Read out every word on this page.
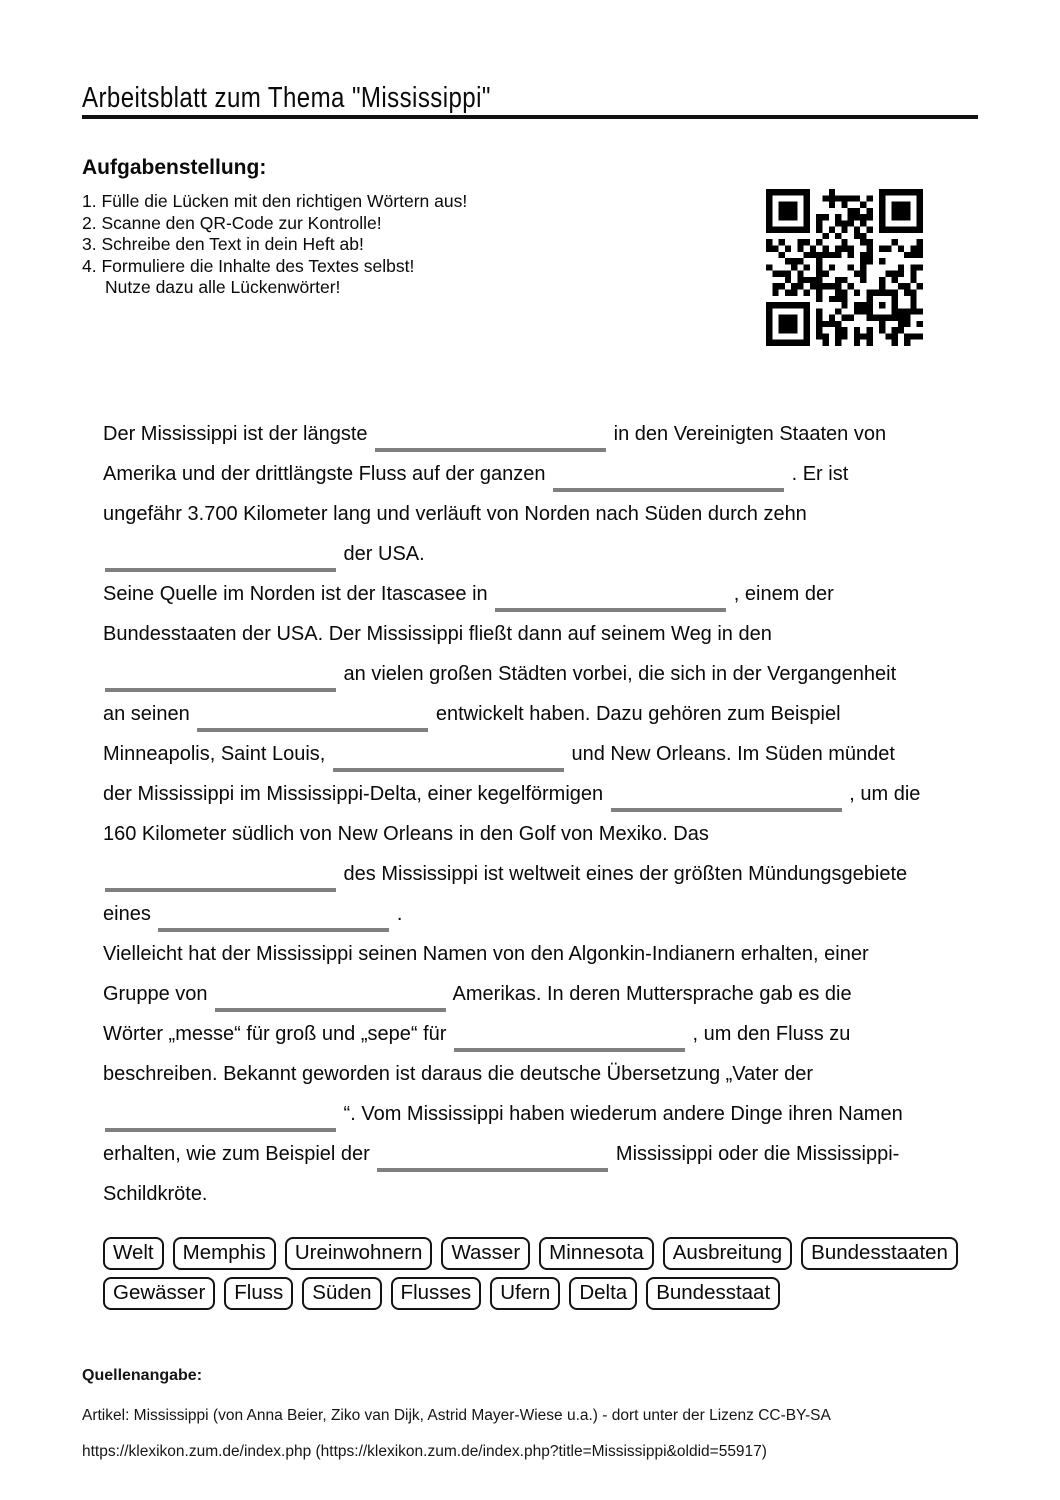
Arbeitsblatt zum Thema "Mississippi"
Aufgabenstellung:
1. Fülle die Lücken mit den richtigen Wörtern aus!
2. Scanne den QR-Code zur Kontrolle!
3. Schreibe den Text in dein Heft ab!
4. Formuliere die Inhalte des Textes selbst!
Nutze dazu alle Lückenwörter!
Der Mississippi ist der längste	in den Vereinigten Staaten von
Amerika und der drittlängste Fluss auf der ganzen	. Er ist
ungefähr 3.700 Kilometer lang und verläuft von Norden nach Süden durch zehn
der USA.
Seine Quelle im Norden ist der Itascasee in	, einem der
Bundesstaaten der USA. Der Mississippi fließt dann auf seinem Weg in den
an vielen großen Städten vorbei, die sich in der Vergangenheit
an seinen	entwickelt haben. Dazu gehören zum Beispiel
Minneapolis, Saint Louis,	und New Orleans. Im Süden mündet
der Mississippi im Mississippi-Delta, einer kegelförmigen	, um die
160 Kilometer südlich von New Orleans in den Golf von Mexiko. Das
des Mississippi ist weltweit eines der größten Mündungsgebiete
eines	.
Vielleicht hat der Mississippi seinen Namen von den Algonkin-Indianern erhalten, einer
Gruppe von	Amerikas. In deren Muttersprache gab es die
Wörter „messe“ für groß und „sepe“ für	, um den Fluss zu
beschreiben. Bekannt geworden ist daraus die deutsche Übersetzung „Vater der
“. Vom Mississippi haben wiederum andere Dinge ihren Namen
erhalten, wie zum Beispiel der	Mississippi oder die Mississippi-
Schildkröte.
Welt	Memphis	Ureinwohnern	Wasser	Minnesota	Ausbreitung	Bundesstaaten
Gewässer	Fluss	Süden	Flusses	Ufern	Delta	Bundesstaat

Quellenangabe:

Artikel: Mississippi (von Anna Beier, Ziko van Dijk, Astrid Mayer-Wiese u.a.) - dort unter der Lizenz CC-BY-SA
https://klexikon.zum.de/index.php (https://klexikon.zum.de/index.php?title=Mississippi&oldid=55917)
